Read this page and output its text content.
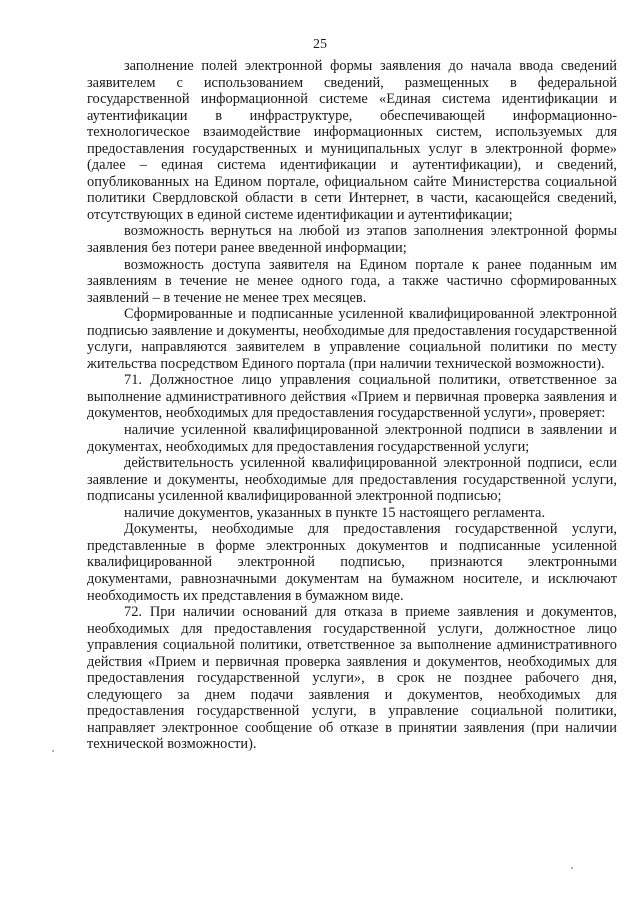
25

заполнение полей электронной формы заявления до начала ввода сведений заявителем с использованием сведений, размещенных в федеральной государственной информационной системе «Единая система идентификации и аутентификации в инфраструктуре, обеспечивающей информационно-технологическое взаимодействие информационных систем, используемых для предоставления государственных и муниципальных услуг в электронной форме» (далее – единая система идентификации и аутентификации), и сведений, опубликованных на Едином портале, официальном сайте Министерства социальной политики Свердловской области в сети Интернет, в части, касающейся сведений, отсутствующих в единой системе идентификации и аутентификации;

возможность вернуться на любой из этапов заполнения электронной формы заявления без потери ранее введенной информации;

возможность доступа заявителя на Едином портале к ранее поданным им заявлениям в течение не менее одного года, а также частично сформированных заявлений – в течение не менее трех месяцев.

Сформированные и подписанные усиленной квалифицированной электронной подписью заявление и документы, необходимые для предоставления государственной услуги, направляются заявителем в управление социальной политики по месту жительства посредством Единого портала (при наличии технической возможности).

71. Должностное лицо управления социальной политики, ответственное за выполнение административного действия «Прием и первичная проверка заявления и документов, необходимых для предоставления государственной услуги», проверяет:

наличие усиленной квалифицированной электронной подписи в заявлении и документах, необходимых для предоставления государственной услуги;

действительность усиленной квалифицированной электронной подписи, если заявление и документы, необходимые для предоставления государственной услуги, подписаны усиленной квалифицированной электронной подписью;

наличие документов, указанных в пункте 15 настоящего регламента.

Документы, необходимые для предоставления государственной услуги, представленные в форме электронных документов и подписанные усиленной квалифицированной электронной подписью, признаются электронными документами, равнозначными документам на бумажном носителе, и исключают необходимость их представления в бумажном виде.

72. При наличии оснований для отказа в приеме заявления и документов, необходимых для предоставления государственной услуги, должностное лицо управления социальной политики, ответственное за выполнение административного действия «Прием и первичная проверка заявления и документов, необходимых для предоставления государственной услуги», в срок не позднее рабочего дня, следующего за днем подачи заявления и документов, необходимых для предоставления государственной услуги, в управление социальной политики, направляет электронное сообщение об отказе в принятии заявления (при наличии технической возможности).
